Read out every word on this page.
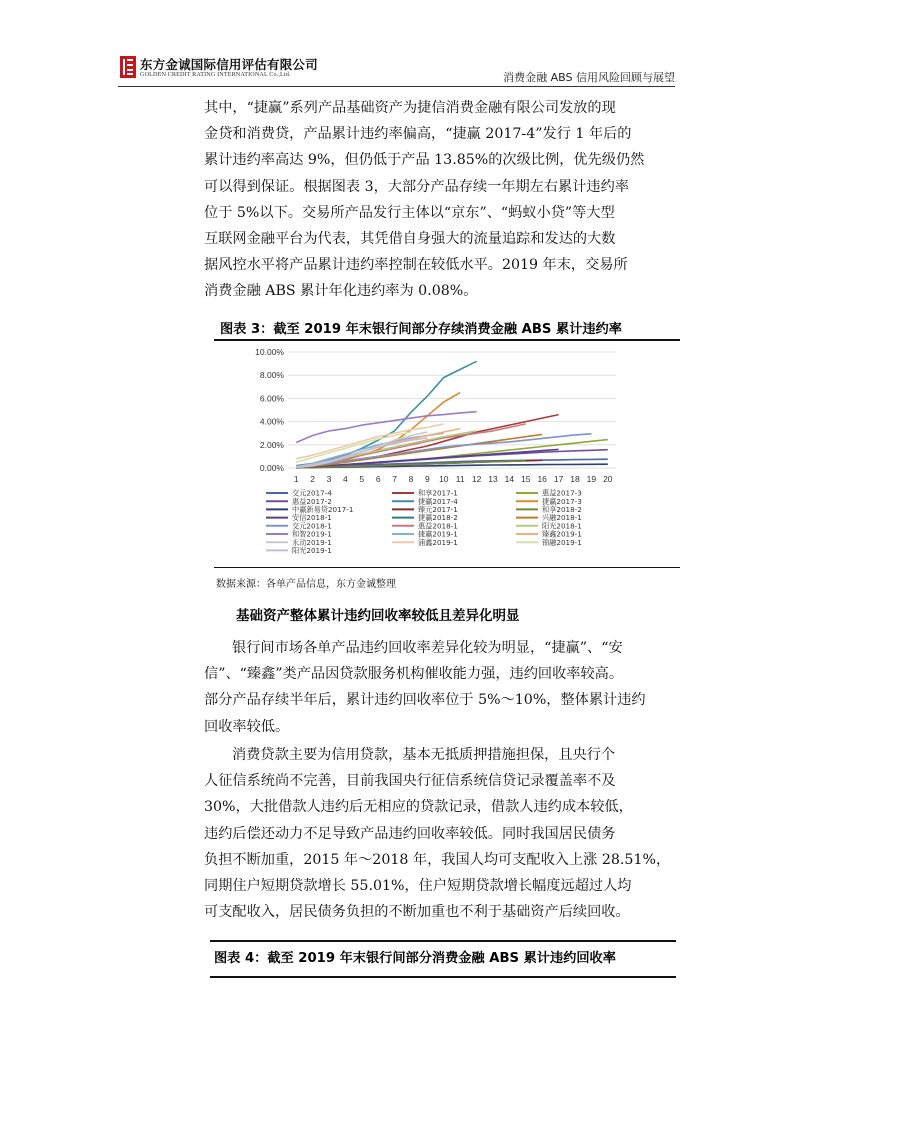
东方金诚国际信用评估有限公司
GOLDEN CREDIT RATING INTERNATIONAL Co.,Ltd.	消费金融 ABS 信用风险回顾与展望
其中，“捷赢”系列产品基础资产为捷信消费金融有限公司发放的现
金贷和消费贷，产品累计违约率偏高，“捷赢 2017-4”发行 1 年后的
累计违约率高达 9%，但仍低于产品 13.85%的次级比例，优先级仍然
可以得到保证。根据图表 3，大部分产品存续一年期左右累计违约率
位于 5%以下。交易所产品发行主体以“京东”、“蚂蚁小贷”等大型
互联网金融平台为代表，其凭借自身强大的流量追踪和发达的大数
据风控水平将产品累计违约率控制在较低水平。2019 年末，交易所
消费金融 ABS 累计年化违约率为 0.08%。
图表 3：截至 2019 年末银行间部分存续消费金融 ABS 累计违约率
0.00%
2.00%
4.00%
6.00%
8.00%
10.00%
1 2 3 4 5 6 7 8 9 10 11 12 13 14 15 16 17 18 19 20
交元2017-4	和享2017-1	惠益2017-3
惠益2017-2	捷赢2017-4	捷赢2017-3
中赢新易贷2017-1	臻元2017-1	和享2018-2
安信2018-1	捷赢2018-2	兴融2018-1
交元2018-1	惠益2018-1	阳光2018-1
和智2019-1	捷赢2019-1	臻鑫2019-1
永动2019-1	浦鑫2019-1	锦融2019-1
阳光2019-1
数据来源：各单产品信息，东方金诚整理
基础资产整体累计违约回收率较低且差异化明显
银行间市场各单产品违约回收率差异化较为明显，“捷赢”、“安
信”、“臻鑫”类产品因贷款服务机构催收能力强，违约回收率较高。
部分产品存续半年后，累计违约回收率位于 5%～10%，整体累计违约
回收率较低。
消费贷款主要为信用贷款，基本无抵质押措施担保，且央行个
人征信系统尚不完善，目前我国央行征信系统信贷记录覆盖率不及
30%，大批借款人违约后无相应的贷款记录，借款人违约成本较低，
违约后偿还动力不足导致产品违约回收率较低。同时我国居民债务
负担不断加重，2015 年～2018 年，我国人均可支配收入上涨 28.51%，
同期住户短期贷款增长 55.01%，住户短期贷款增长幅度远超过人均
可支配收入，居民债务负担的不断加重也不利于基础资产后续回收。
图表 4：截至 2019 年末银行间部分消费金融 ABS 累计违约回收率
